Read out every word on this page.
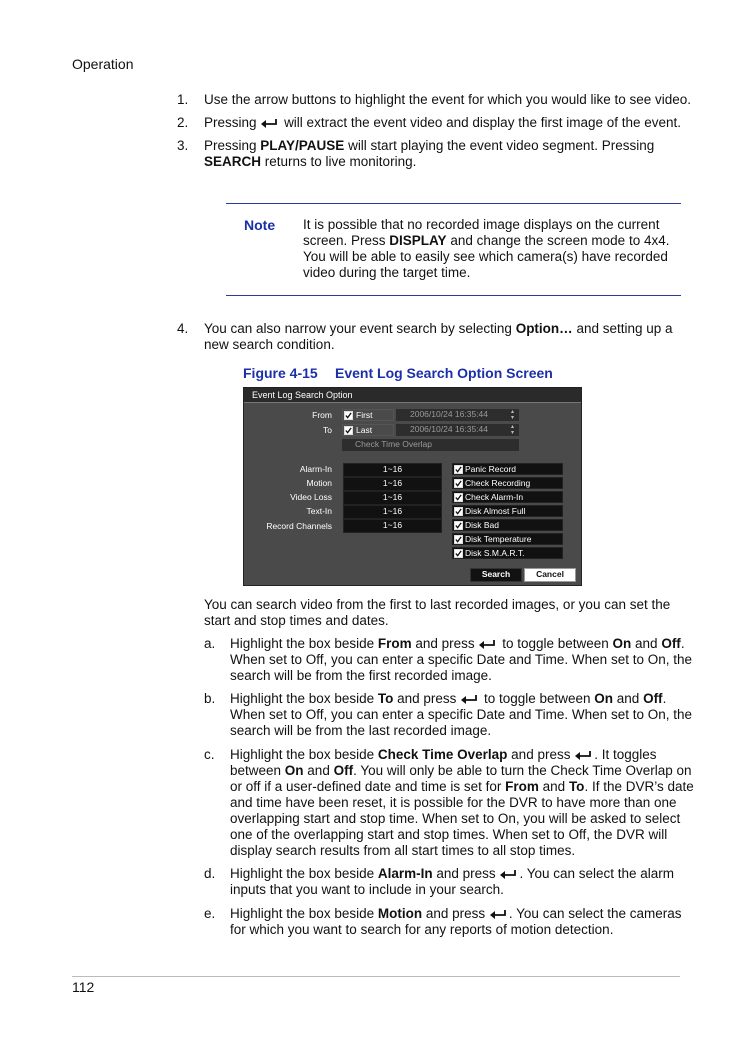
Operation
1.	Use the arrow buttons to highlight the event for which you would like to see video.
2.	Pressing will extract the event video and display the first image of the event.
3.	Pressing PLAY/PAUSE will start playing the event video segment. Pressing
SEARCH returns to live monitoring.
Note It is possible that no recorded image displays on the current
screen. Press DISPLAY and change the screen mode to 4x4.
You will be able to easily see which camera(s) have recorded
video during the target time.
4.	You can also narrow your event search by selecting Option… and setting up a
new search condition.
Figure 4-15 Event Log Search Option Screen
Event Log Search Option
From	First	2006/10/24 16:35:44	▴
▾
To	Last	2006/10/24 16:35:44	▴
▾
Check Time Overlap
Alarm-In	1~16
Motion	1~16
Video Loss	1~16
Text-In	1~16
Record Channels	1~16
Panic Record
Check Recording
Check Alarm-In
Disk Almost Full
Disk Bad
Disk Temperature
Disk S.M.A.R.T.
Search	Cancel
You can search video from the first to last recorded images, or you can set the
start and stop times and dates.
a.	Highlight the box beside From and press to toggle between On and Off.
When set to Off, you can enter a specific Date and Time. When set to On, the
search will be from the first recorded image.
b.	Highlight the box beside To and press to toggle between On and Off.
When set to Off, you can enter a specific Date and Time. When set to On, the
search will be from the last recorded image.
c.	Highlight the box beside Check Time Overlap and press . It toggles
between On and Off. You will only be able to turn the Check Time Overlap on
or off if a user-defined date and time is set for From and To. If the DVR’s date
and time have been reset, it is possible for the DVR to have more than one
overlapping start and stop time. When set to On, you will be asked to select
one of the overlapping start and stop times. When set to Off, the DVR will
display search results from all start times to all stop times.
d.	Highlight the box beside Alarm-In and press . You can select the alarm
inputs that you want to include in your search.
e.	Highlight the box beside Motion and press . You can select the cameras
for which you want to search for any reports of motion detection.
112
